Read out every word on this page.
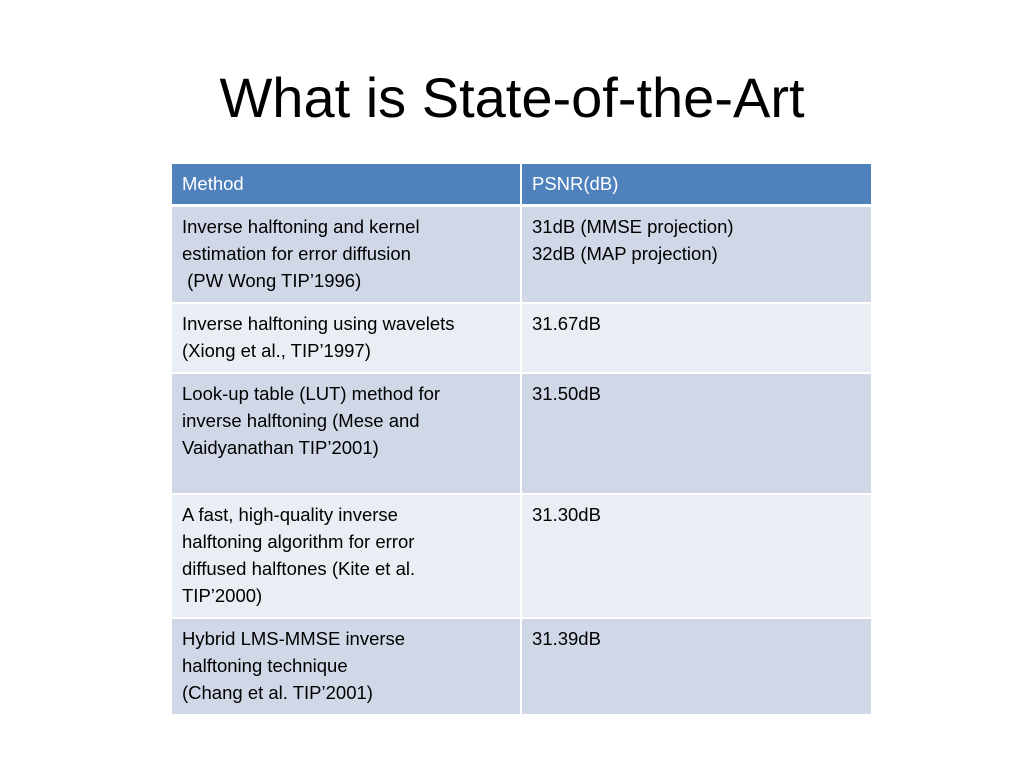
What is State-of-the-Art
Method	PSNR(dB)

Inverse halftoning and kernel
estimation for error diffusion
(PW Wong TIP’1996)	31dB (MMSE projection)
32dB (MAP projection)

Inverse halftoning using wavelets
(Xiong et al., TIP’1997)	31.67dB

Look-up table (LUT) method for
inverse halftoning (Mese and
Vaidyanathan TIP’2001)	31.50dB

A fast, high-quality inverse
halftoning algorithm for error
diffused halftones (Kite et al.
TIP’2000)	31.30dB

Hybrid LMS-MMSE inverse
halftoning technique
(Chang et al. TIP’2001)	31.39dB
